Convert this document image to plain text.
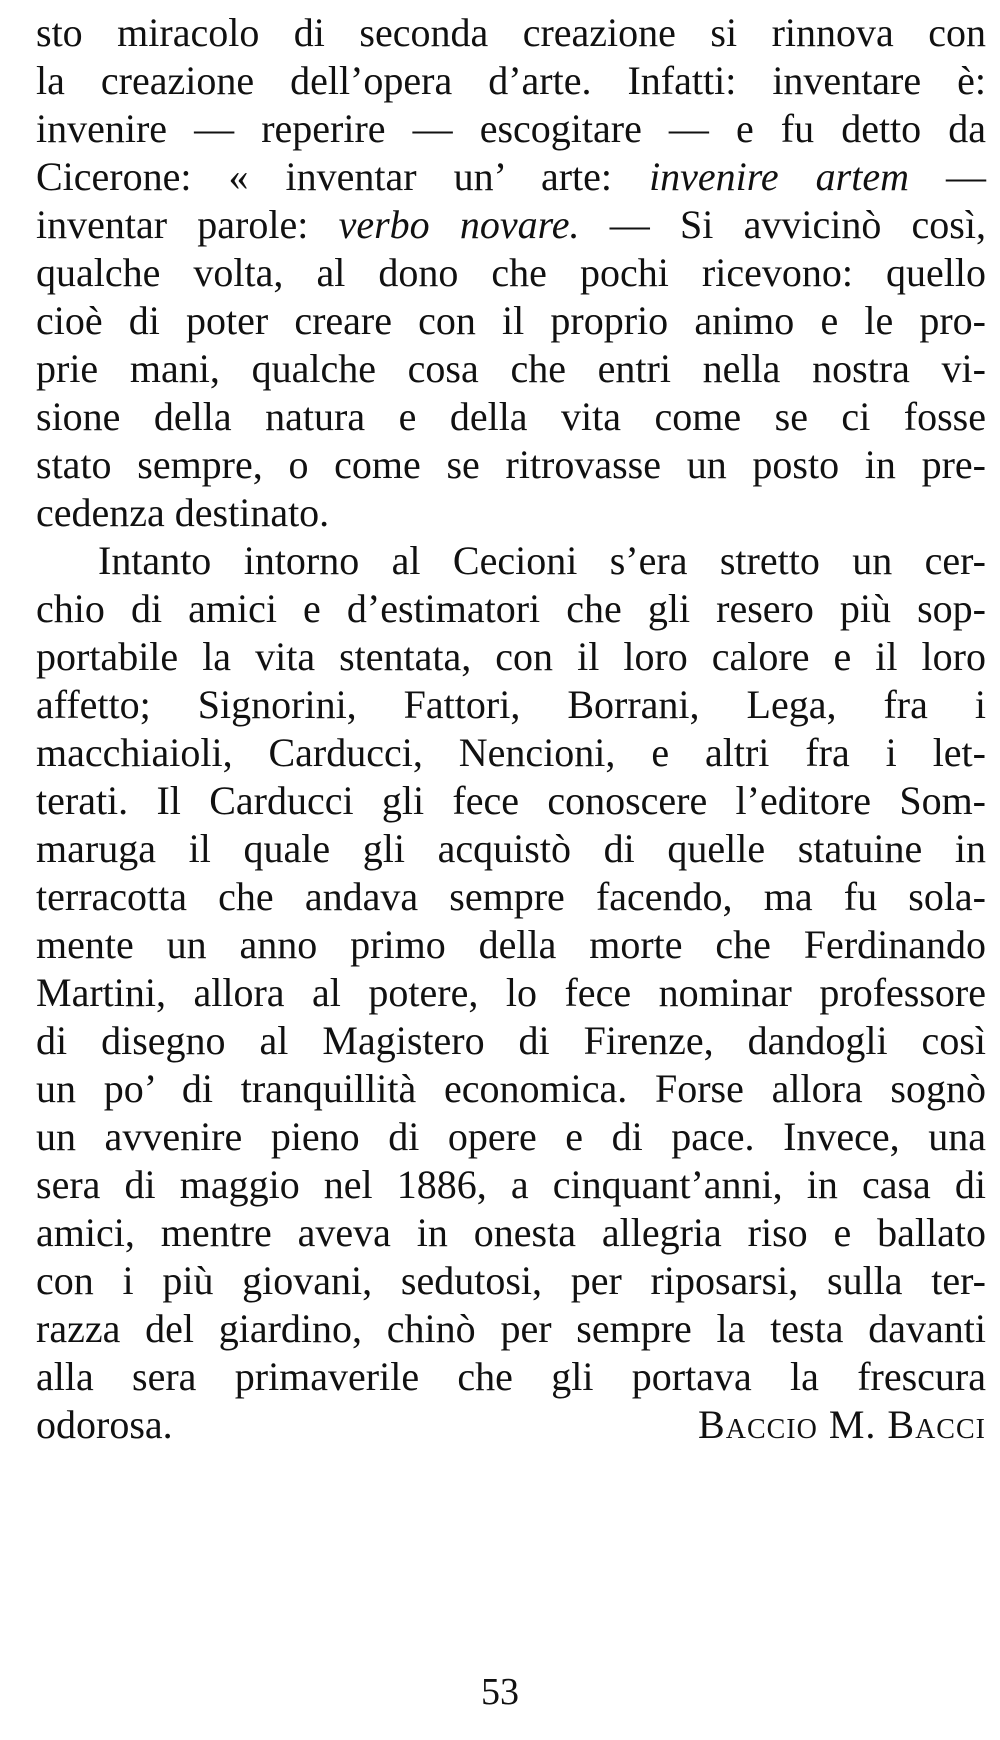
sto miracolo di seconda creazione si rinnova con
la creazione dell’opera d’arte. Infatti: inventare è:
invenire — reperire — escogitare — e fu detto da
Cicerone: « inventar un’ arte: invenire artem —
inventar parole: verbo novare. — Si avvicinò così,
qualche volta, al dono che pochi ricevono: quello
cioè di poter creare con il proprio animo e le pro-
prie mani, qualche cosa che entri nella nostra vi-
sione della natura e della vita come se ci fosse
stato sempre, o come se ritrovasse un posto in pre-
cedenza destinato.
Intanto intorno al Cecioni s’era stretto un cer-
chio di amici e d’estimatori che gli resero più sop-
portabile la vita stentata, con il loro calore e il loro
affetto; Signorini, Fattori, Borrani, Lega, fra i
macchiaioli, Carducci, Nencioni, e altri fra i let-
terati. Il Carducci gli fece conoscere l’editore Som-
maruga il quale gli acquistò di quelle statuine in
terracotta che andava sempre facendo, ma fu sola-
mente un anno primo della morte che Ferdinando
Martini, allora al potere, lo fece nominar professore
di disegno al Magistero di Firenze, dandogli così
un po’ di tranquillità economica. Forse allora sognò
un avvenire pieno di opere e di pace. Invece, una
sera di maggio nel 1886, a cinquant’anni, in casa di
amici, mentre aveva in onesta allegria riso e ballato
con i più giovani, sedutosi, per riposarsi, sulla ter-
razza del giardino, chinò per sempre la testa davanti
alla sera primaverile che gli portava la frescura
odorosa.	Baccio M. Bacci
53
